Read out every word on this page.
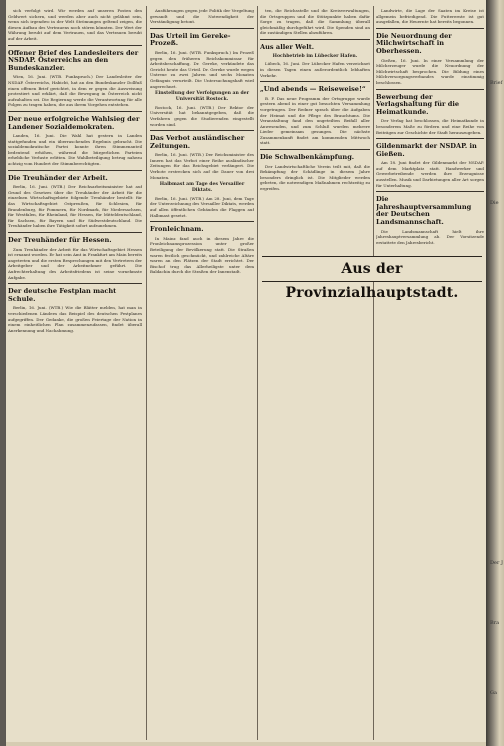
sich verfolgt wird. Wir werden auf unseren Posten den Geldwert sichern, und werden aber auch nicht gelähmt sein, wenn sich irgendwo in der Welt Strömungen geltend zeigen, die diesen Aufbau des Vertrauens noch stören könnten. Der Wert der Währung beruht auf dem Vertrauen, und das Vertrauen beruht auf der Arbeit.
Offener Brief des Landesleiters der NSDAP. Österreichs an den Bundeskanzler.
Wien, 16. Juni. (WTB. Funkspruch.) Der Landesleiter der NSDAP. Österreichs, Habicht, hat an den Bundeskanzler Dollfuß einen offenen Brief gerichtet, in dem er gegen die Ausweisung protestiert und erklärt, daß die Bewegung in Österreich nicht aufzuhalten sei. Die Regierung werde die Verantwortung für alle Folgen zu tragen haben, die aus ihrem Vorgehen entstehen.
Der neue erfolgreiche Wahlsieg der Landener Sozialdemokraten.
Landen, 16. Juni. Die Wahl hat gestern in Landen stattgefunden und ein überraschendes Ergebnis gebracht. Die sozialdemokratische Partei konnte ihren Stimmenanteil bedeutend erhöhen, während die bürgerlichen Parteien erhebliche Verluste erlitten. Die Wahlbeteiligung betrug nahezu achtzig vom Hundert der Stimmberechtigten.
Die Treuhänder der Arbeit.
Berlin, 16. Juni. (WTB.) Der Reichsarbeitsminister hat auf Grund des Gesetzes über die Treuhänder der Arbeit für die einzelnen Wirtschaftsgebiete folgende Treuhänder bestellt: für das Wirtschaftsgebiet Ostpreußen, für Schlesien, für Brandenburg, für Pommern, für Nordmark, für Niedersachsen, für Westfalen, für Rheinland, für Hessen, für Mitteldeutschland, für Sachsen, für Bayern und für Südwestdeutschland. Die Treuhänder haben ihre Tätigkeit sofort aufzunehmen.
Der Treuhänder für Hessen.
Zum Treuhänder der Arbeit für das Wirtschaftsgebiet Hessen ist ernannt worden. Er hat sein Amt in Frankfurt am Main bereits angetreten und die ersten Besprechungen mit den Vertretern der Arbeitgeber und der Arbeitnehmer geführt. Die Aufrechterhaltung des Arbeitsfriedens ist seine vornehmste Aufgabe.
Der deutsche Festplan macht Schule.
Berlin, 16. Juni. (WTB.) Wie die Blätter melden, hat man in verschiedenen Ländern das Beispiel des deutschen Festplanes aufgegriffen. Der Gedanke, die großen Feiertage der Nation in einem einheitlichen Plan zusammenzufassen, findet überall Anerkennung und Nachahmung.
Ausführungen gegen jede Politik der Vergeltung gewandt und die Notwendigkeit der Verständigung betont.
Das Urteil im Gereke-Prozeß.
Berlin, 16. Juni. (WTB. Funkspruch.) Im Prozeß gegen den früheren Reichskommissar für Arbeitsbeschaffung, Dr. Gereke, verkündete das Gericht heute das Urteil. Dr. Gereke wurde wegen Untreue zu zwei Jahren und sechs Monaten Gefängnis verurteilt. Die Untersuchungshaft wird angerechnet.
Einstellung der Verfolgungen an der Universität Rostock.
Rostock, 16. Juni. (WTB.) Der Rektor der Universität hat bekanntgegeben, daß die Verfahren gegen die Studierenden eingestellt worden sind.
Das Verbot ausländischer Zeitungen.
Berlin, 16. Juni. (WTB.) Der Reichsminister des Innern hat das Verbot einer Reihe ausländischer Zeitungen für das Reichsgebiet verlängert. Die Verbote erstrecken sich auf die Dauer von drei Monaten.
Halbmast am Tage des Versailler Diktats.
Berlin, 16. Juni. (WTB.) Am 28. Juni, dem Tage der Unterzeichnung des Versailler Diktats, werden auf allen öffentlichen Gebäuden die Flaggen auf Halbmast gesetzt.
Fronleichnam.
In Mainz fand auch in diesem Jahre die Fronleichnamsprozession unter großer Beteiligung der Bevölkerung statt. Die Straßen waren festlich geschmückt, und zahlreiche Altäre waren an den Plätzen der Stadt errichtet. Der Bischof trug das Allerheiligste unter dem Baldachin durch die Straßen der Innenstadt.
ten, die Reichsstelle und die Kreisverwaltungen, die Ortsgruppen und die Stützpunkte haben dafür Sorge zu tragen, daß die Sammlung überall gleichmäßig durchgeführt wird. Die Spenden sind an die zuständigen Stellen abzuführen.
Aus aller Welt.
Hochbetrieb im Lübecker Hafen.
Lübeck, 16. Juni. Der Lübecker Hafen verzeichnet in diesen Tagen einen außerordentlich lebhaften Verkehr.
„Und abends — Reiseweise!“
B. P. Das neue Programm der Ortsgruppe wurde gestern abend in einer gut besuchten Versammlung vorgetragen. Der Redner sprach über die Aufgaben der Heimat und die Pflege des Brauchtums. Die Veranstaltung fand den ungeteilten Beifall aller Anwesenden, und zum Schluß wurden mehrere Lieder gemeinsam gesungen. Die nächste Zusammenkunft findet am kommenden Mittwoch statt.
Die Schwalbenkämpfung.
Der Landwirtschaftliche Verein teilt mit, daß die Bekämpfung der Schädlinge in diesem Jahre besonders dringlich ist. Die Mitglieder werden gebeten, die notwendigen Maßnahmen rechtzeitig zu ergreifen.
Landwirte, die Lage der Saaten im Kreise ist allgemein befriedigend. Die Futterernte ist gut ausgefallen, die Heuernte hat bereits begonnen.
Die Neuordnung der Milchwirtschaft in Oberhessen.
Gießen, 16. Juni. In einer Versammlung der Milcherzeuger wurde die Neuordnung der Milchwirtschaft besprochen. Die Bildung eines Milchversorgungsverbandes wurde einstimmig beschlossen.
Bewerbung der Verlagshaltung für die Heimatkunde.
Der Verlag hat beschlossen, die Heimatkunde in besonderem Maße zu fördern und eine Reihe von Beiträgen zur Geschichte der Stadt herauszugeben.
Gildenmarkt der NSDAP. in Gießen.
Am 18. Juni findet der Gildenmarkt der NSDAP. auf dem Marktplatz statt. Handwerker und Gewerbetreibende werden ihre Erzeugnisse ausstellen. Musik und Darbietungen aller Art sorgen für Unterhaltung.
Die Jahreshauptversammlung der Deutschen Landsmannschaft.
Die Landsmannschaft hielt ihre Jahreshauptversammlung ab. Der Vorsitzende erstattete den Jahresbericht.
Aus der Provinzialhauptstadt.
Brief
Die
Der J
Bra
Ga
